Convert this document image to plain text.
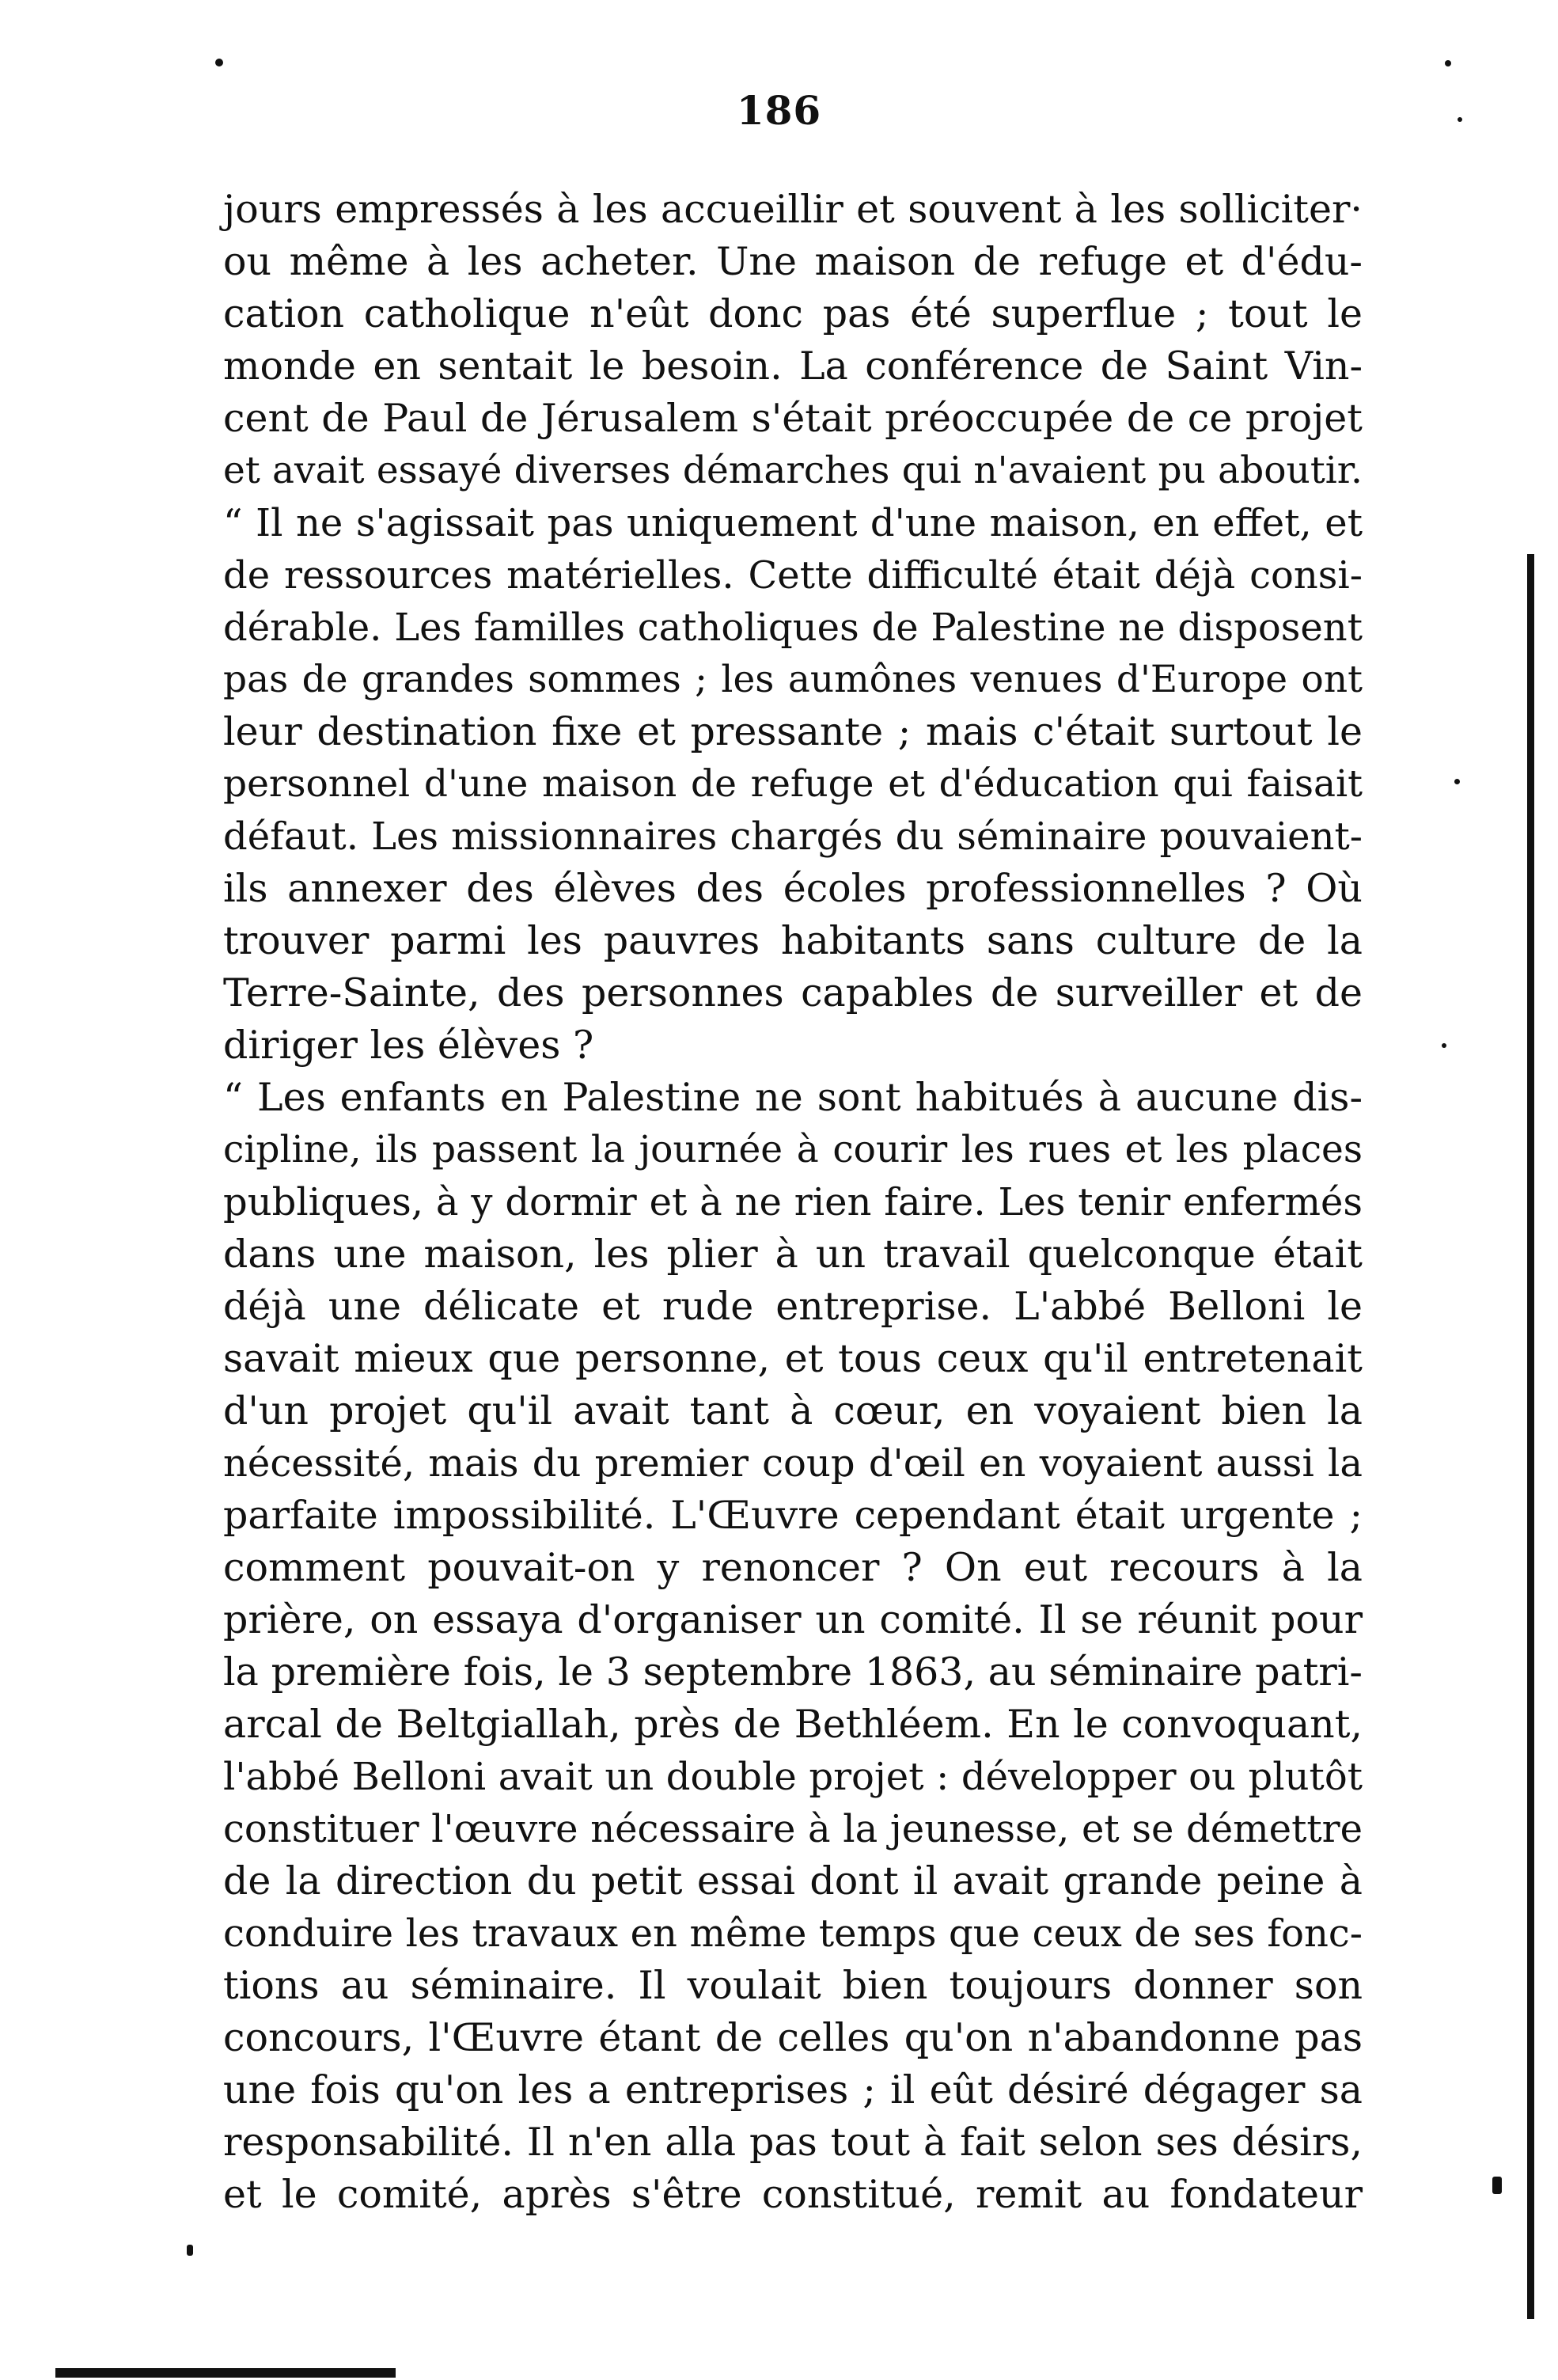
186
jours empressés à les accueillir et souvent à les solliciter·
ou même à les acheter. Une maison de refuge et d'édu-
cation catholique n'eût donc pas été superflue ; tout le
monde en sentait le besoin. La conférence de Saint Vin-
cent de Paul de Jérusalem s'était préoccupée de ce projet
et avait essayé diverses démarches qui n'avaient pu aboutir.
“ Il ne s'agissait pas uniquement d'une maison, en effet, et
de ressources matérielles. Cette difficulté était déjà consi-
dérable. Les familles catholiques de Palestine ne disposent
pas de grandes sommes ; les aumônes venues d'Europe ont
leur destination fixe et pressante ; mais c'était surtout le
personnel d'une maison de refuge et d'éducation qui faisait
défaut. Les missionnaires chargés du séminaire pouvaient-
ils annexer des élèves des écoles professionnelles ? Où
trouver parmi les pauvres habitants sans culture de la
Terre-Sainte, des personnes capables de surveiller et de
diriger les élèves ?
“ Les enfants en Palestine ne sont habitués à aucune dis-
cipline, ils passent la journée à courir les rues et les places
publiques, à y dormir et à ne rien faire. Les tenir enfermés
dans une maison, les plier à un travail quelconque était
déjà une délicate et rude entreprise. L'abbé Belloni le
savait mieux que personne, et tous ceux qu'il entretenait
d'un projet qu'il avait tant à cœur, en voyaient bien la
nécessité, mais du premier coup d'œil en voyaient aussi la
parfaite impossibilité. L'Œuvre cependant était urgente ;
comment pouvait-on y renoncer ? On eut recours à la
prière, on essaya d'organiser un comité. Il se réunit pour
la première fois, le 3 septembre 1863, au séminaire patri-
arcal de Beltgiallah, près de Bethléem. En le convoquant,
l'abbé Belloni avait un double projet : développer ou plutôt
constituer l'œuvre nécessaire à la jeunesse, et se démettre
de la direction du petit essai dont il avait grande peine à
conduire les travaux en même temps que ceux de ses fonc-
tions au séminaire. Il voulait bien toujours donner son
concours, l'Œuvre étant de celles qu'on n'abandonne pas
une fois qu'on les a entreprises ; il eût désiré dégager sa
responsabilité. Il n'en alla pas tout à fait selon ses désirs,
et le comité, après s'être constitué, remit au fondateur
